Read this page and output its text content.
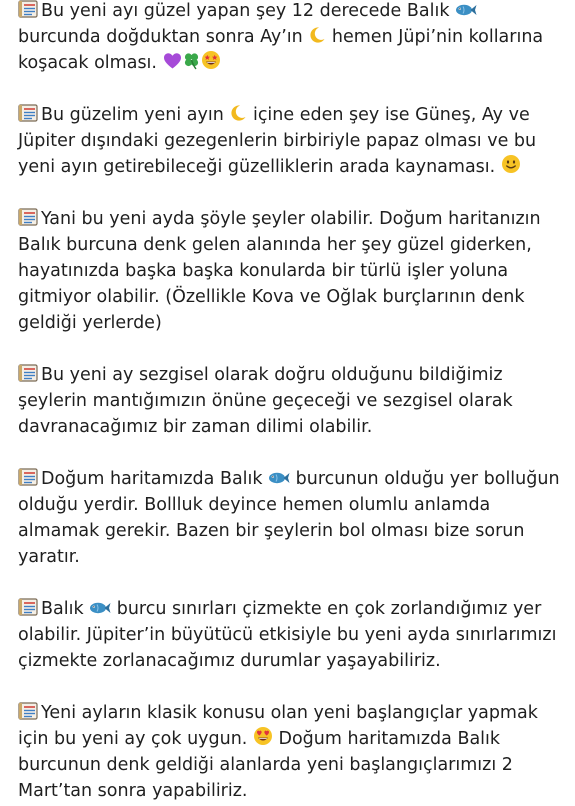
Bu yeni ayı güzel yapan şey 12 derecede Balık
burcunda doğduktan sonra Ay’ın
hemen Jüpi’nin kollarına koşacak olması.

Bu güzelim yeni ayın
içine eden şey ise Güneş, Ay ve Jüpiter dışındaki gezegenlerin birbiriyle papaz olması ve bu yeni ayın getirebileceği güzelliklerin arada kaynaması.

Yani bu yeni ayda şöyle şeyler olabilir. Doğum haritanızın Balık burcuna denk gelen alanında her şey güzel giderken, hayatınızda başka başka konularda bir türlü işler yoluna gitmiyor olabilir. (Özellikle Kova ve Oğlak burçlarının denk geldiği yerlerde)

Bu yeni ay sezgisel olarak doğru olduğunu bildiğimiz şeylerin mantığımızın önüne geçeceği ve sezgisel olarak davranacağımız bir zaman dilimi olabilir.

Doğum haritamızda Balık
burcunun olduğu yer bolluğun olduğu yerdir. Bollluk deyince hemen olumlu anlamda almamak gerekir. Bazen bir şeylerin bol olması bize sorun yaratır.

Balık
burcu sınırları çizmekte en çok zorlandığımız yer olabilir. Jüpiter’in büyütücü etkisiyle bu yeni ayda sınırlarımızı çizmekte zorlanacağımız durumlar yaşayabiliriz.

Yeni ayların klasik konusu olan yeni başlangıçlar yapmak için bu yeni ay çok uygun.
Doğum haritamızda Balık burcunun denk geldiği alanlarda yeni başlangıçlarımızı 2 Mart’tan sonra yapabiliriz.
